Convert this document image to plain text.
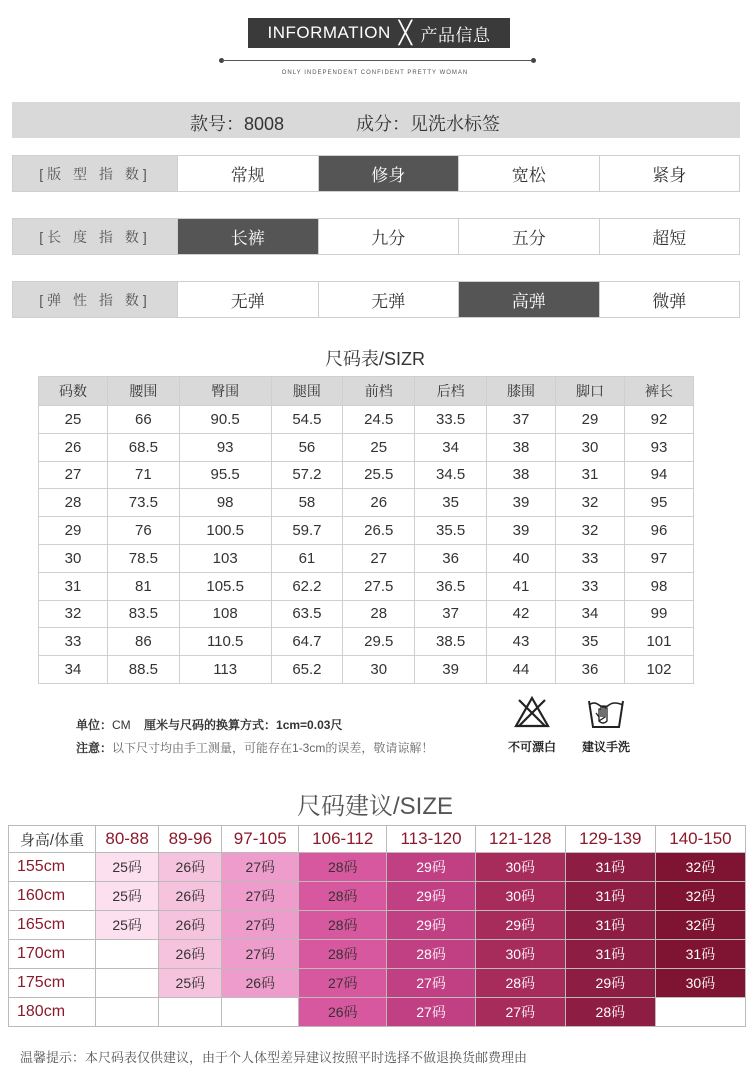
INFORMATION ╳ 产品信息
ONLY INDEPENDENT CONFIDENT PRETTY WOMAN
款号：8008	成分：见洗水标签
[版 型 指 数]	常规	修身	宽松	紧身
[长 度 指 数]	长裤	九分	五分	超短
[弹 性 指 数]	无弹	无弹	高弹	微弹
尺码表/SIZR
码数	腰围	臀围	腿围	前档	后档	膝围	脚口	裤长
25	66	90.5	54.5	24.5	33.5	37	29	92
26	68.5	93	56	25	34	38	30	93
27	71	95.5	57.2	25.5	34.5	38	31	94
28	73.5	98	58	26	35	39	32	95
29	76	100.5	59.7	26.5	35.5	39	32	96
30	78.5	103	61	27	36	40	33	97
31	81	105.5	62.2	27.5	36.5	41	33	98
32	83.5	108	63.5	28	37	42	34	99
33	86	110.5	64.7	29.5	38.5	43	35	101
34	88.5	113	65.2	30	39	44	36	102
单位：CM 厘米与尺码的换算方式：1cm=0.03尺
注意：以下尺寸均由手工测量，可能存在1-3cm的误差，敬请谅解！	不可漂白	建议手洗
尺码建议/SIZE
身高/体重	80-88	89-96	97-105	106-112	113-120	121-128	129-139	140-150
155cm	25码	26码	27码	28码	29码	30码	31码	32码
160cm	25码	26码	27码	28码	29码	30码	31码	32码
165cm	25码	26码	27码	28码	29码	29码	31码	32码
170cm		26码	27码	28码	28码	30码	31码	31码
175cm		25码	26码	27码	27码	28码	29码	30码
180cm				26码	27码	27码	28码	
温馨提示：本尺码表仅供建议，由于个人体型差异建议按照平时选择不做退换货邮费理由
